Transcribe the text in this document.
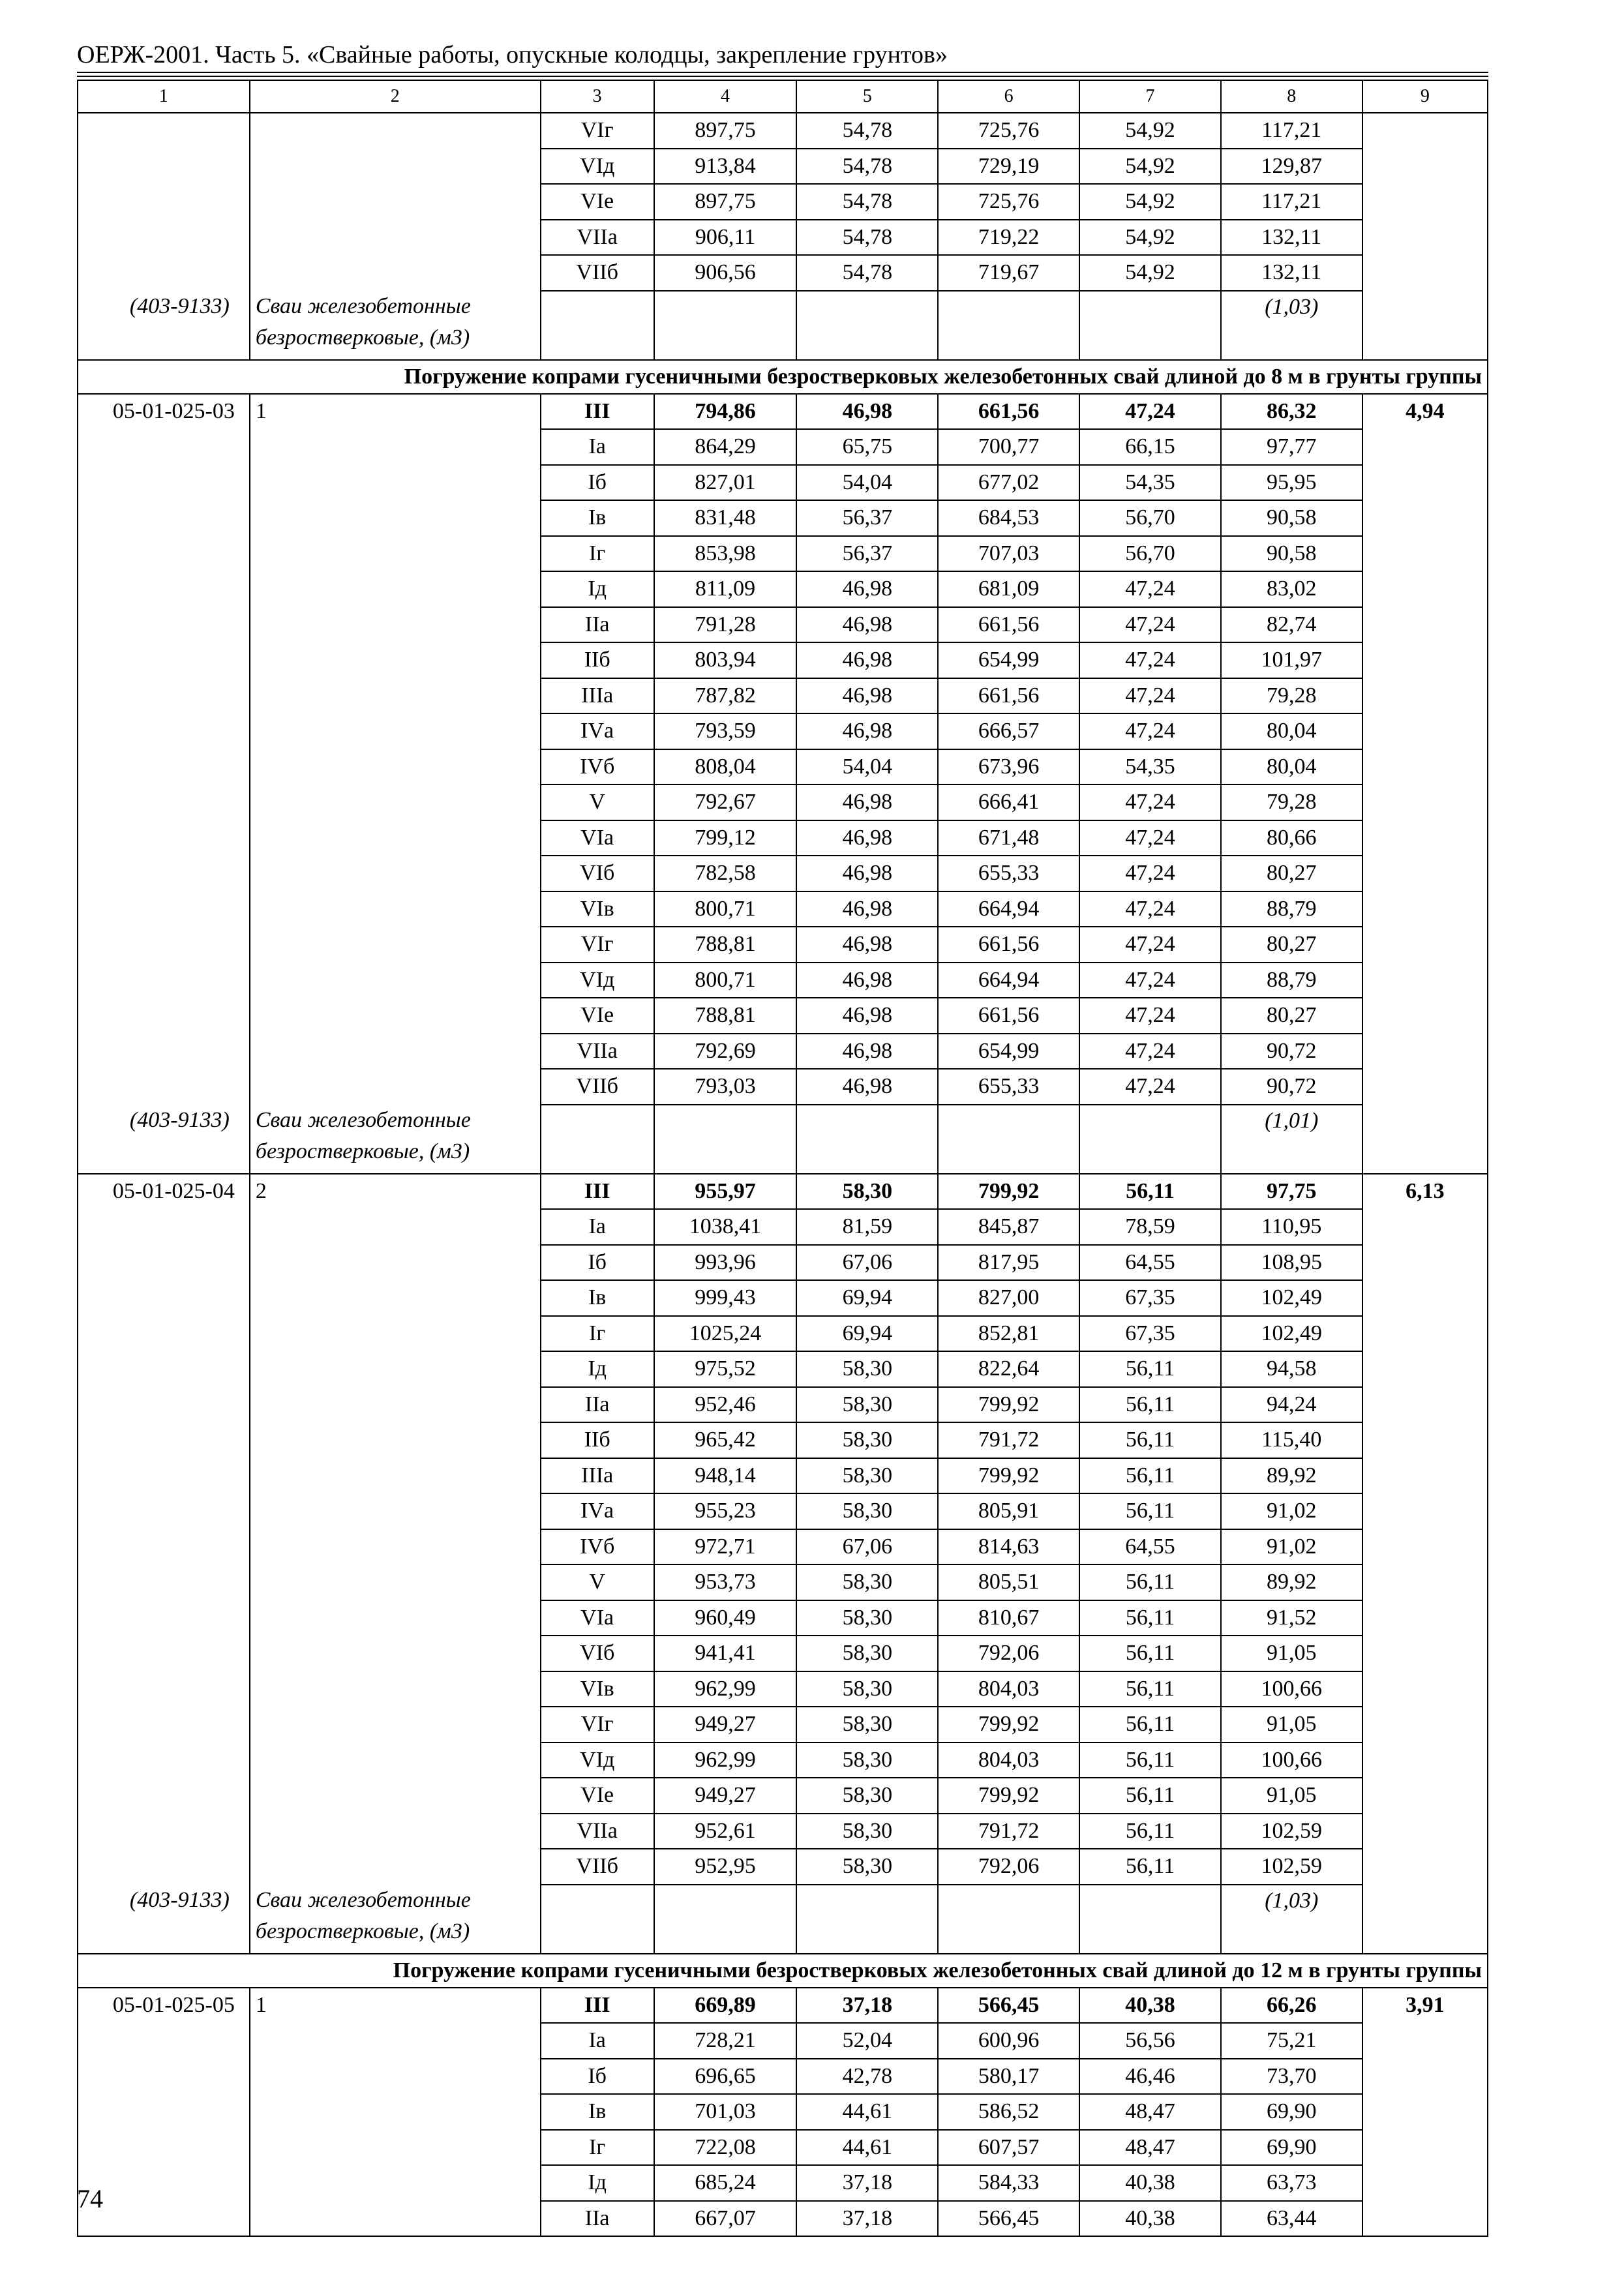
ОЕРЖ-2001. Часть 5. «Свайные работы, опускные колодцы, закрепление грунтов»
1	2	3	4	5	6	7	8	9
		VIг	897,75	54,78	725,76	54,92	117,21	
		VIд	913,84	54,78	729,19	54,92	129,87	
		VIе	897,75	54,78	725,76	54,92	117,21	
		VIIа	906,11	54,78	719,22	54,92	132,11	
		VIIб	906,56	54,78	719,67	54,92	132,11	
(403-9133)	Сваи железобетонные безростверковые, (м3)						(1,03)	
Погружение копрами гусеничными безростверковых железобетонных свай длиной до 8 м в грунты группы								
05-01-025-03	1	III	794,86	46,98	661,56	47,24	86,32	4,94
		Iа	864,29	65,75	700,77	66,15	97,77	
		Iб	827,01	54,04	677,02	54,35	95,95	
		Iв	831,48	56,37	684,53	56,70	90,58	
		Iг	853,98	56,37	707,03	56,70	90,58	
		Iд	811,09	46,98	681,09	47,24	83,02	
		IIа	791,28	46,98	661,56	47,24	82,74	
		IIб	803,94	46,98	654,99	47,24	101,97	
		IIIа	787,82	46,98	661,56	47,24	79,28	
		IVа	793,59	46,98	666,57	47,24	80,04	
		IVб	808,04	54,04	673,96	54,35	80,04	
		V	792,67	46,98	666,41	47,24	79,28	
		VIа	799,12	46,98	671,48	47,24	80,66	
		VIб	782,58	46,98	655,33	47,24	80,27	
		VIв	800,71	46,98	664,94	47,24	88,79	
		VIг	788,81	46,98	661,56	47,24	80,27	
		VIд	800,71	46,98	664,94	47,24	88,79	
		VIе	788,81	46,98	661,56	47,24	80,27	
		VIIа	792,69	46,98	654,99	47,24	90,72	
		VIIб	793,03	46,98	655,33	47,24	90,72	
(403-9133)	Сваи железобетонные безростверковые, (м3)						(1,01)	
05-01-025-04	2	III	955,97	58,30	799,92	56,11	97,75	6,13
		Iа	1038,41	81,59	845,87	78,59	110,95	
		Iб	993,96	67,06	817,95	64,55	108,95	
		Iв	999,43	69,94	827,00	67,35	102,49	
		Iг	1025,24	69,94	852,81	67,35	102,49	
		Iд	975,52	58,30	822,64	56,11	94,58	
		IIа	952,46	58,30	799,92	56,11	94,24	
		IIб	965,42	58,30	791,72	56,11	115,40	
		IIIа	948,14	58,30	799,92	56,11	89,92	
		IVа	955,23	58,30	805,91	56,11	91,02	
		IVб	972,71	67,06	814,63	64,55	91,02	
		V	953,73	58,30	805,51	56,11	89,92	
		VIа	960,49	58,30	810,67	56,11	91,52	
		VIб	941,41	58,30	792,06	56,11	91,05	
		VIв	962,99	58,30	804,03	56,11	100,66	
		VIг	949,27	58,30	799,92	56,11	91,05	
		VIд	962,99	58,30	804,03	56,11	100,66	
		VIе	949,27	58,30	799,92	56,11	91,05	
		VIIа	952,61	58,30	791,72	56,11	102,59	
		VIIб	952,95	58,30	792,06	56,11	102,59	
(403-9133)	Сваи железобетонные безростверковые, (м3)						(1,03)	
Погружение копрами гусеничными безростверковых железобетонных свай длиной до 12 м в грунты группы								
05-01-025-05	1	III	669,89	37,18	566,45	40,38	66,26	3,91
		Iа	728,21	52,04	600,96	56,56	75,21	
		Iб	696,65	42,78	580,17	46,46	73,70	
		Iв	701,03	44,61	586,52	48,47	69,90	
		Iг	722,08	44,61	607,57	48,47	69,90	
		Iд	685,24	37,18	584,33	40,38	63,73	
		IIа	667,07	37,18	566,45	40,38	63,44	
74
